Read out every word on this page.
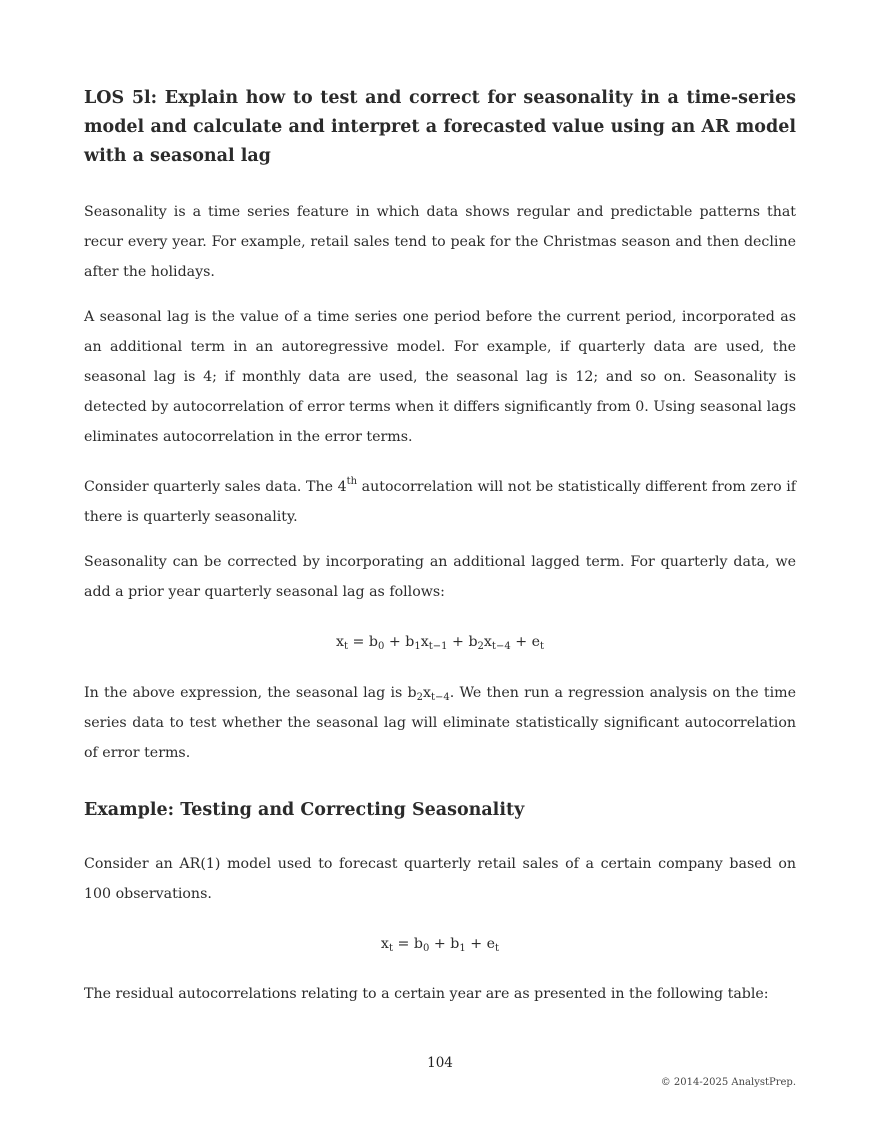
LOS 5l: Explain how to test and correct for seasonality in a time-series model and calculate and interpret a forecasted value using an AR model with a seasonal lag

Seasonality is a time series feature in which data shows regular and predictable patterns that recur every year. For example, retail sales tend to peak for the Christmas season and then decline after the holidays.

A seasonal lag is the value of a time series one period before the current period, incorporated as an additional term in an autoregressive model. For example, if quarterly data are used, the seasonal lag is 4; if monthly data are used, the seasonal lag is 12; and so on. Seasonality is detected by autocorrelation of error terms when it differs significantly from 0. Using seasonal lags eliminates autocorrelation in the error terms.

Consider quarterly sales data. The 4th autocorrelation will not be statistically different from zero if there is quarterly seasonality.

Seasonality can be corrected by incorporating an additional lagged term. For quarterly data, we add a prior year quarterly seasonal lag as follows:

$x_t = b_0 + b_1x_{t-1} + b_2x_{t-4} + e_t$

In the above expression, the seasonal lag is $b_2x_{t-4}$. We then run a regression analysis on the time series data to test whether the seasonal lag will eliminate statistically significant autocorrelation of error terms.

Example: Testing and Correcting Seasonality

Consider an AR(1) model used to forecast quarterly retail sales of a certain company based on 100 observations.

$x_t = b_0 + b_1 + e_t$

The residual autocorrelations relating to a certain year are as presented in the following table:

104
© 2014-2025 AnalystPrep.
